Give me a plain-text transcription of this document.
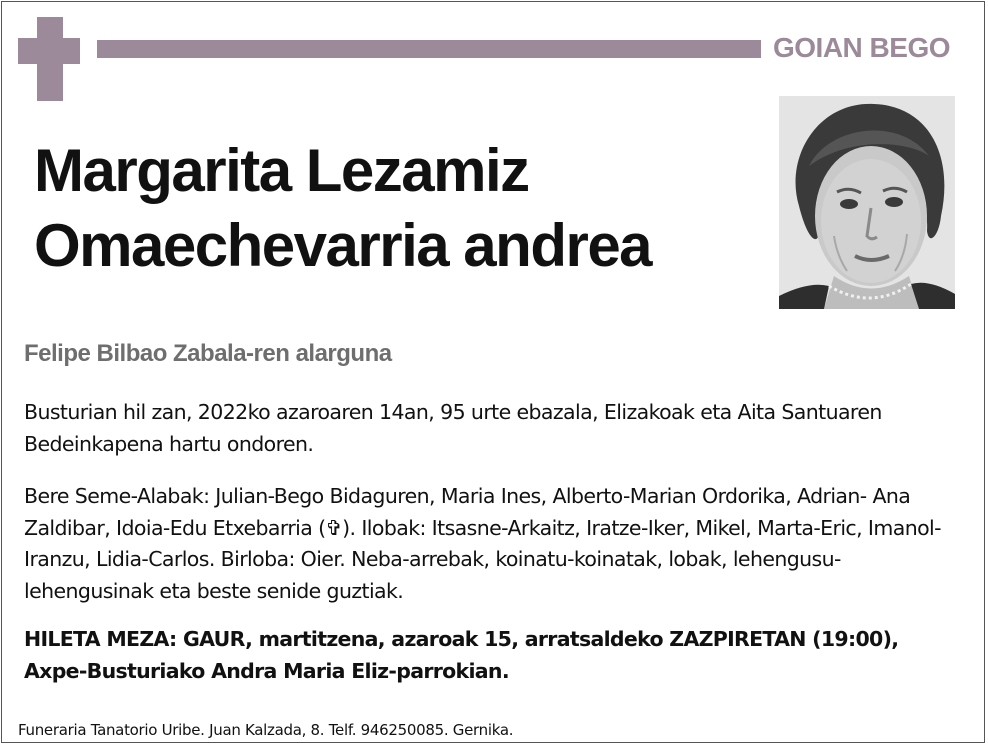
GOIAN BEGO
Margarita Lezamiz
Omaechevarria andrea
Felipe Bilbao Zabala-ren alarguna

Busturian hil zan, 2022ko azaroaren 14an, 95 urte ebazala, Elizakoak eta Aita Santuaren Bedeinkapena hartu ondoren.

Bere Seme-Alabak: Julian-Bego Bidaguren, Maria Ines, Alberto-Marian Ordorika, Adrian- Ana Zaldibar, Idoia-Edu Etxebarria (✞). Ilobak: Itsasne-Arkaitz, Iratze-Iker, Mikel, Marta-Eric, Imanol-Iranzu, Lidia-Carlos. Birloba: Oier. Neba-arrebak, koinatu-koinatak, lobak, lehengusu-lehengusinak eta beste senide guztiak.

HILETA MEZA: GAUR, martitzena, azaroak 15, arratsaldeko ZAZPIRETAN (19:00), Axpe-Busturiako Andra Maria Eliz-parrokian.

Funeraria Tanatorio Uribe. Juan Kalzada, 8. Telf. 946250085. Gernika.
